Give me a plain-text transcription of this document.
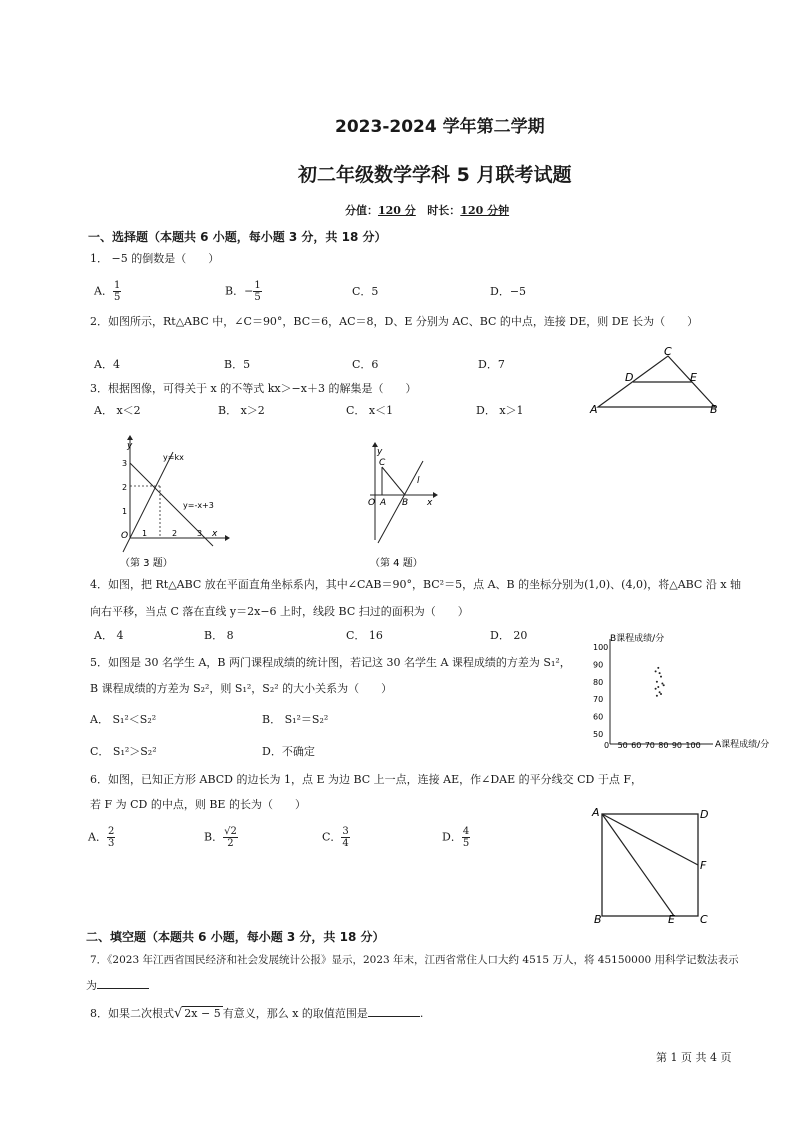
2023-2024 学年第二学期
初二年级数学学科 5 月联考试题
分值：120 分 时长：120 分钟
一、选择题（本题共 6 小题，每小题 3 分，共 18 分）
1． −5 的倒数是（　　）
A． $\frac{1}{5}$	B．− $\frac{1}{5}$	C．5	D．−5
2．如图所示，Rt△ABC 中，∠C＝90°，BC＝6，AC＝8，D、E 分别为 AC、BC 的中点，连接 DE，则 DE 长为（　　）
A．4	B．5	C．6	D．7
A	B
C
D	E
3．根据图像，可得关于 x 的不等式 kx＞−x＋3 的解集是（　　）
A． x＜2	B． x＞2	C． x＜1	D． x＞1
y
x
O
y=kx
y=-x+3
1
2
3
1	2 3
（第 3 题）
y
x
O A B
C
l
（第 4 题）
4．如图，把 Rt△ABC 放在平面直角坐标系内，其中∠CAB＝90°，BC²＝5，点 A、B 的坐标分别为(1,0)、(4,0)，将△ABC 沿 x 轴
向右平移，当点 C 落在直线 y＝2x−6 上时，线段 BC 扫过的面积为（　　）
A． 4	B． 8	C． 16	D． 20
5．如图是 30 名学生 A，B 两门课程成绩的统计图，若记这 30 名学生 A 课程成绩的方差为 S₁²，
B 课程成绩的方差为 S₂²，则 S₁²，S₂² 的大小关系为（　　）
A． S₁²＜S₂²	B． S₁²＝S₂²
C． S₁²＞S₂²	D．不确定
B课程成绩/分
A课程成绩/分
0 50 60 70 80 90 100
50
60
70
80
90
100
6．如图，已知正方形 ABCD 的边长为 1，点 E 为边 BC 上一点，连接 AE，作∠DAE 的平分线交 CD 于点 F，
若 F 为 CD 的中点，则 BE 的长为（　　）
A． $\frac{2}{3}$	B． $\frac{√2}{2}$	C． $\frac{3}{4}$	D． $\frac{4}{5}$
A	D
B	C
E
F
二、填空题（本题共 6 小题，每小题 3 分，共 18 分）
7．《2023 年江西省国民经济和社会发展统计公报》显示，2023 年末，江西省常住人口大约 4515 万人，将 45150000 用科学记数法表示
为
8．如果二次根式√ 2x − 5 有意义，那么 x 的取值范围是	.
第 1 页 共 4 页
